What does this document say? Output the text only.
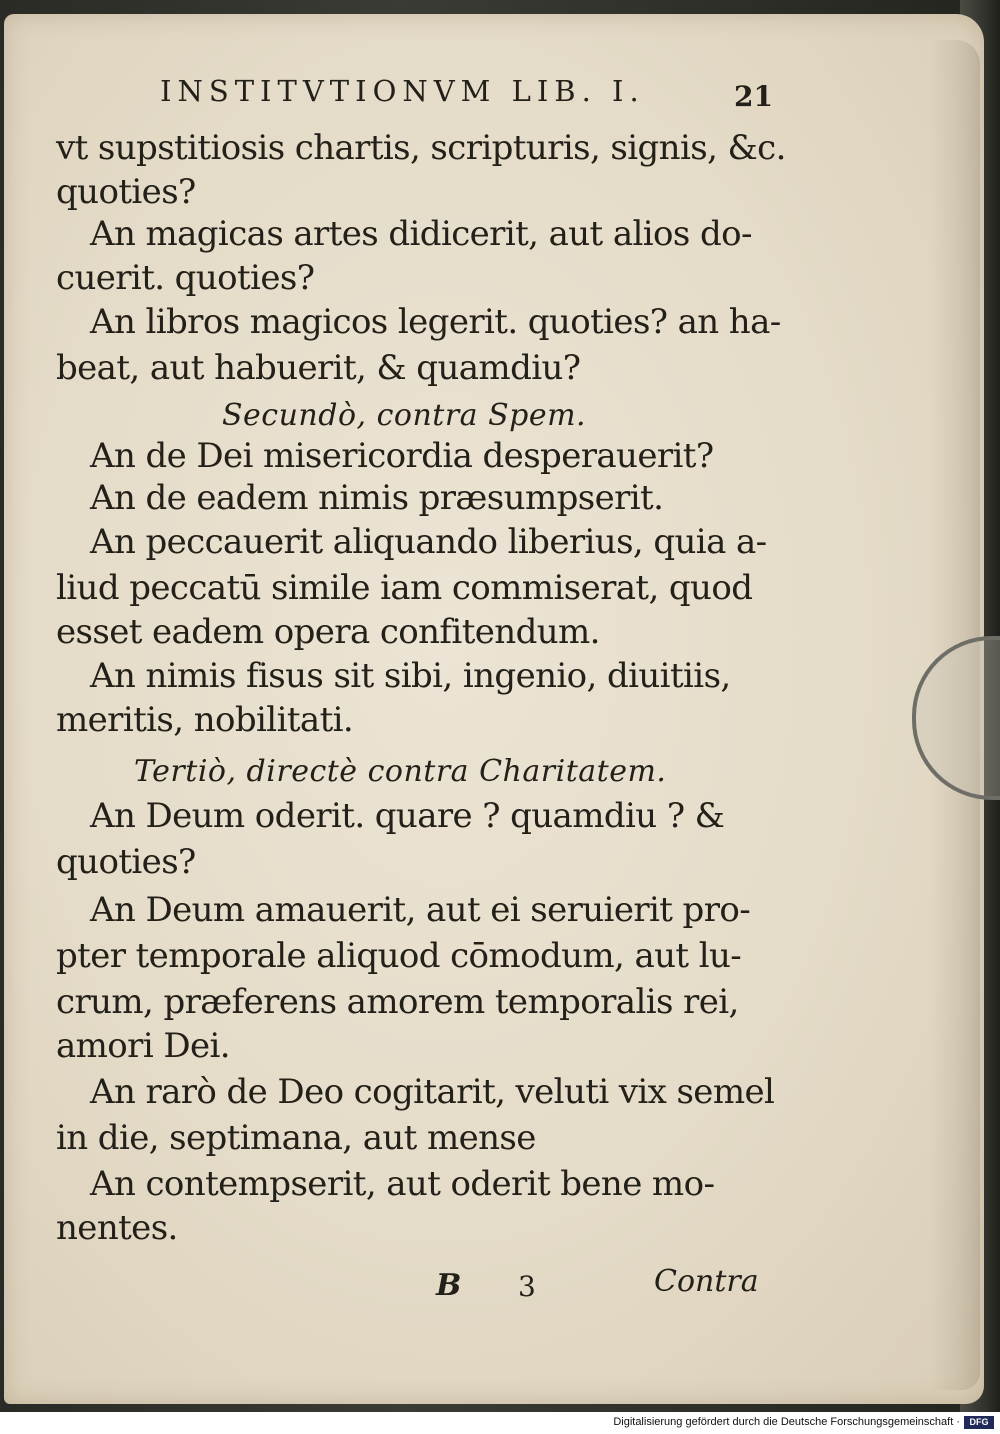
INSTITVTIONVM LIB. I.	21
vt supstitiosis chartis, scripturis, signis, &c.
quoties?
An magicas artes didicerit, aut alios do-
cuerit. quoties?
An libros magicos legerit. quoties? an ha-
beat, aut habuerit, & quamdiu?
Secundò, contra Spem.
An de Dei misericordia desperauerit?
An de eadem nimis præsumpserit.
An peccauerit aliquando liberius, quia a-
liud peccatū simile iam commiserat, quod
esset eadem opera confitendum.
An nimis fisus sit sibi, ingenio, diuitiis,
meritis, nobilitati.
Tertiò, directè contra Charitatem.
An Deum oderit. quare ? quamdiu ? &
quoties?
An Deum amauerit, aut ei seruierit pro-
pter temporale aliquod cōmodum, aut lu-
crum, præferens amorem temporalis rei,
amori Dei.
An rarò de Deo cogitarit, veluti vix semel
in die, septimana, aut mense
An contempserit, aut oderit bene mo-
nentes.
B 3	Contra
Digitalisierung gefördert durch die Deutsche Forschungsgemeinschaft ·	DFG
